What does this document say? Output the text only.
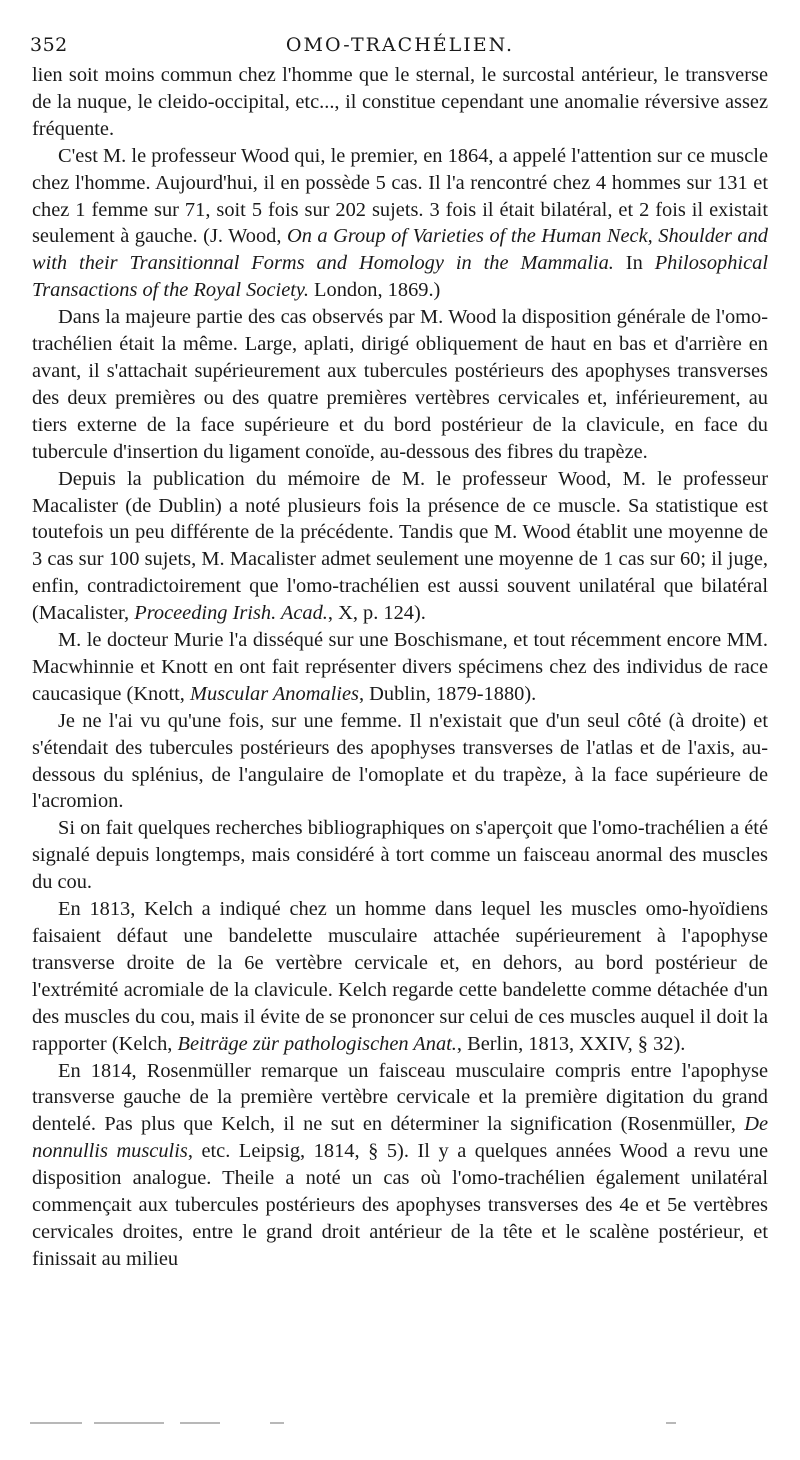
352	OMO-TRACHÉLIEN.

lien soit moins commun chez l'homme que le sternal, le surcostal antérieur, le transverse de la nuque, le cleido-occipital, etc..., il constitue cependant une anomalie réversive assez fréquente.

C'est M. le professeur Wood qui, le premier, en 1864, a appelé l'attention sur ce muscle chez l'homme. Aujourd'hui, il en possède 5 cas. Il l'a rencontré chez 4 hommes sur 131 et chez 1 femme sur 71, soit 5 fois sur 202 sujets. 3 fois il était bilatéral, et 2 fois il existait seulement à gauche. (J. Wood, On a Group of Varieties of the Human Neck, Shoulder and with their Transitionnal Forms and Homology in the Mammalia. In Philosophical Transactions of the Royal Society. London, 1869.)

Dans la majeure partie des cas observés par M. Wood la disposition générale de l'omo-trachélien était la même. Large, aplati, dirigé obliquement de haut en bas et d'arrière en avant, il s'attachait supérieurement aux tubercules postérieurs des apophyses transverses des deux premières ou des quatre premières vertèbres cervicales et, inférieurement, au tiers externe de la face supérieure et du bord postérieur de la clavicule, en face du tubercule d'insertion du ligament conoïde, au-dessous des fibres du trapèze.

Depuis la publication du mémoire de M. le professeur Wood, M. le professeur Macalister (de Dublin) a noté plusieurs fois la présence de ce muscle. Sa statistique est toutefois un peu différente de la précédente. Tandis que M. Wood établit une moyenne de 3 cas sur 100 sujets, M. Macalister admet seulement une moyenne de 1 cas sur 60; il juge, enfin, contradictoirement que l'omo-trachélien est aussi souvent unilatéral que bilatéral (Macalister, Proceeding Irish. Acad., X, p. 124).

M. le docteur Murie l'a disséqué sur une Boschismane, et tout récemment encore MM. Macwhinnie et Knott en ont fait représenter divers spécimens chez des individus de race caucasique (Knott, Muscular Anomalies, Dublin, 1879-1880).

Je ne l'ai vu qu'une fois, sur une femme. Il n'existait que d'un seul côté (à droite) et s'étendait des tubercules postérieurs des apophyses transverses de l'atlas et de l'axis, au-dessous du splénius, de l'angulaire de l'omoplate et du trapèze, à la face supérieure de l'acromion.

Si on fait quelques recherches bibliographiques on s'aperçoit que l'omo-trachélien a été signalé depuis longtemps, mais considéré à tort comme un faisceau anormal des muscles du cou.

En 1813, Kelch a indiqué chez un homme dans lequel les muscles omo-hyoïdiens faisaient défaut une bandelette musculaire attachée supérieurement à l'apophyse transverse droite de la 6e vertèbre cervicale et, en dehors, au bord postérieur de l'extrémité acromiale de la clavicule. Kelch regarde cette bandelette comme détachée d'un des muscles du cou, mais il évite de se prononcer sur celui de ces muscles auquel il doit la rapporter (Kelch, Beiträge zür pathologischen Anat., Berlin, 1813, XXIV, § 32).

En 1814, Rosenmüller remarque un faisceau musculaire compris entre l'apophyse transverse gauche de la première vertèbre cervicale et la première digitation du grand dentelé. Pas plus que Kelch, il ne sut en déterminer la signification (Rosenmüller, De nonnullis musculis, etc. Leipsig, 1814, § 5). Il y a quelques années Wood a revu une disposition analogue. Theile a noté un cas où l'omo-trachélien également unilatéral commençait aux tubercules postérieurs des apophyses transverses des 4e et 5e vertèbres cervicales droites, entre le grand droit antérieur de la tête et le scalène postérieur, et finissait au milieu
